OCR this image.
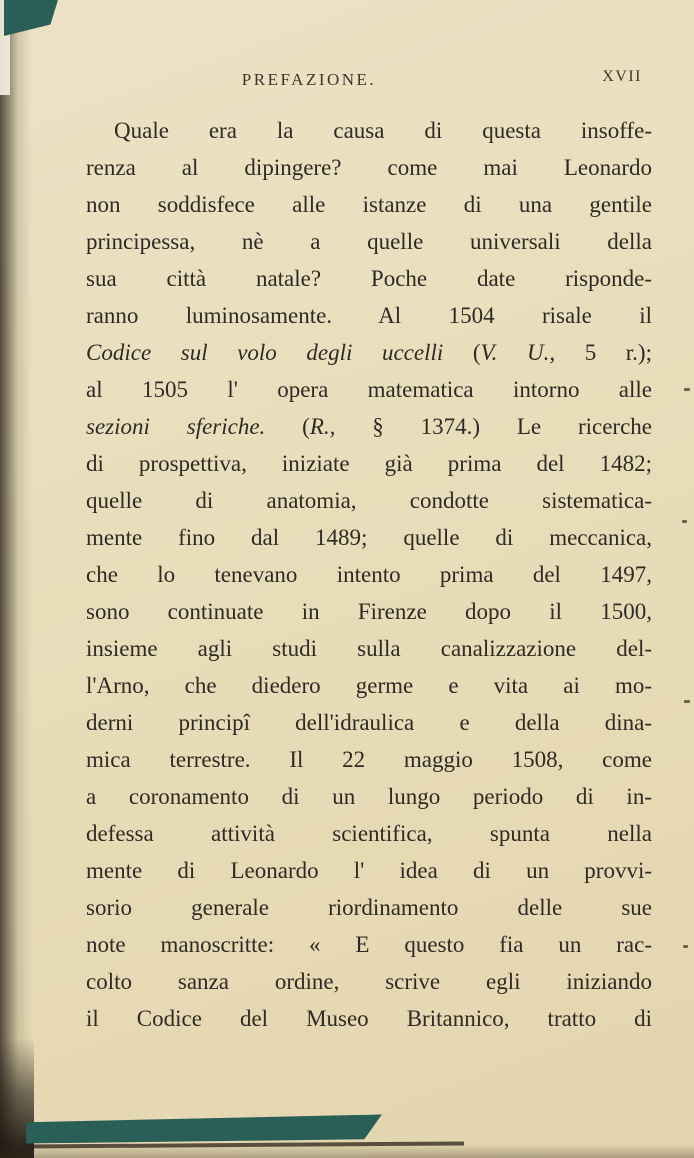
PREFAZIONE.	XVII
Quale era la causa di questa insoffe-
renza al dipingere? come mai Leonardo
non soddisfece alle istanze di una gentile
principessa, nè a quelle universali della
sua città natale? Poche date risponde-
ranno luminosamente. Al 1504 risale il
Codice sul volo degli uccelli (V. U., 5 r.);
al 1505 l' opera matematica intorno alle
sezioni sferiche. (R., § 1374.) Le ricerche
di prospettiva, iniziate già prima del 1482;
quelle di anatomia, condotte sistematica-
mente fino dal 1489; quelle di meccanica,
che lo tenevano intento prima del 1497,
sono continuate in Firenze dopo il 1500,
insieme agli studi sulla canalizzazione del-
l'Arno, che diedero germe e vita ai mo-
derni principî dell'idraulica e della dina-
mica terrestre. Il 22 maggio 1508, come
a coronamento di un lungo periodo di in-
defessa attività scientifica, spunta nella
mente di Leonardo l' idea di un provvi-
sorio generale riordinamento delle sue
note manoscritte: « E questo fia un rac-
colto sanza ordine, scrive egli iniziando
il Codice del Museo Britannico, tratto di
